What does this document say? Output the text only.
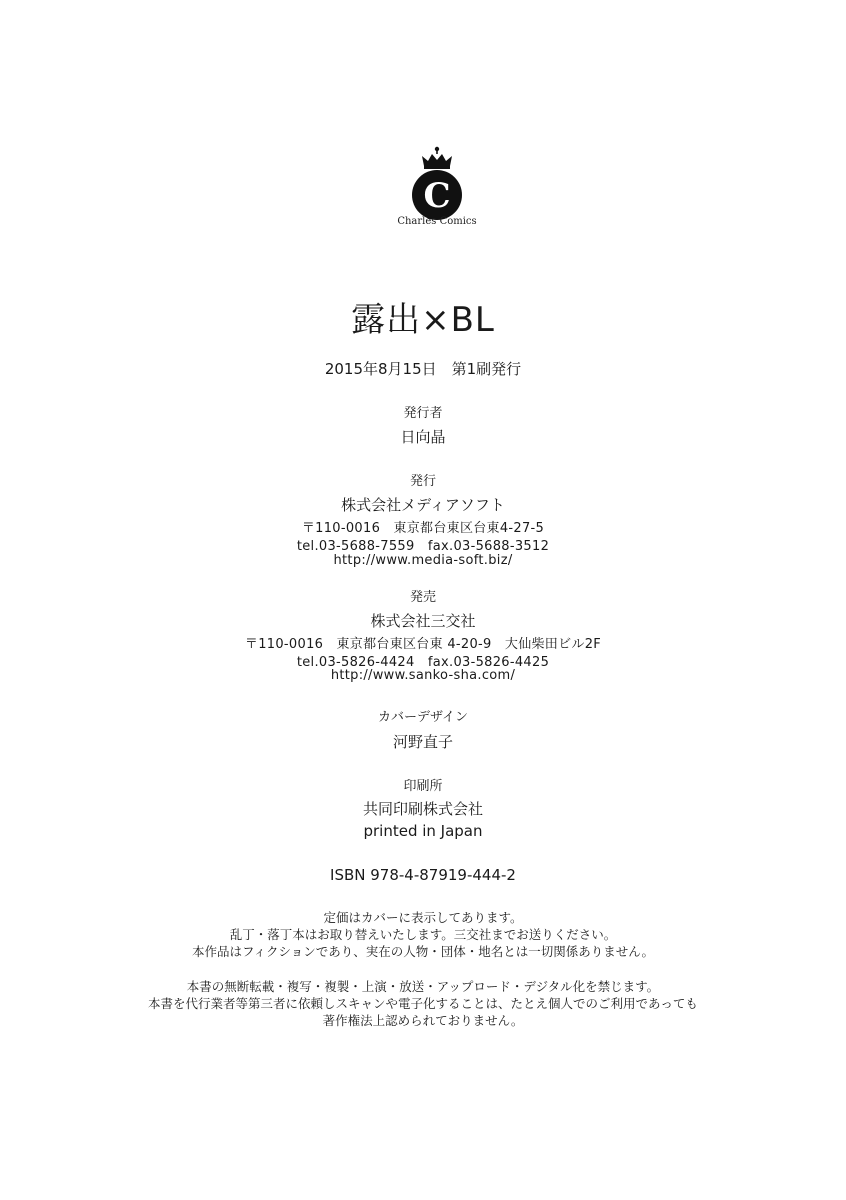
C
Charles Comics
露出×BL
2015年8月15日　第1刷発行
発行者
日向晶
発行
株式会社メディアソフト
〒110-0016　東京都台東区台東4-27-5
tel.03-5688-7559　fax.03-5688-3512
http://www.media-soft.biz/
発売
株式会社三交社
〒110-0016　東京都台東区台東 4-20-9　大仙柴田ビル2F
tel.03-5826-4424　fax.03-5826-4425
http://www.sanko-sha.com/
カバーデザイン
河野直子
印刷所
共同印刷株式会社
printed in Japan
ISBN 978-4-87919-444-2
定価はカバーに表示してあります。
乱丁・落丁本はお取り替えいたします。三交社までお送りください。
本作品はフィクションであり、実在の人物・団体・地名とは一切関係ありません。
本書の無断転載・複写・複製・上演・放送・アップロード・デジタル化を禁じます。
本書を代行業者等第三者に依頼しスキャンや電子化することは、たとえ個人でのご利用であっても
著作権法上認められておりません。
